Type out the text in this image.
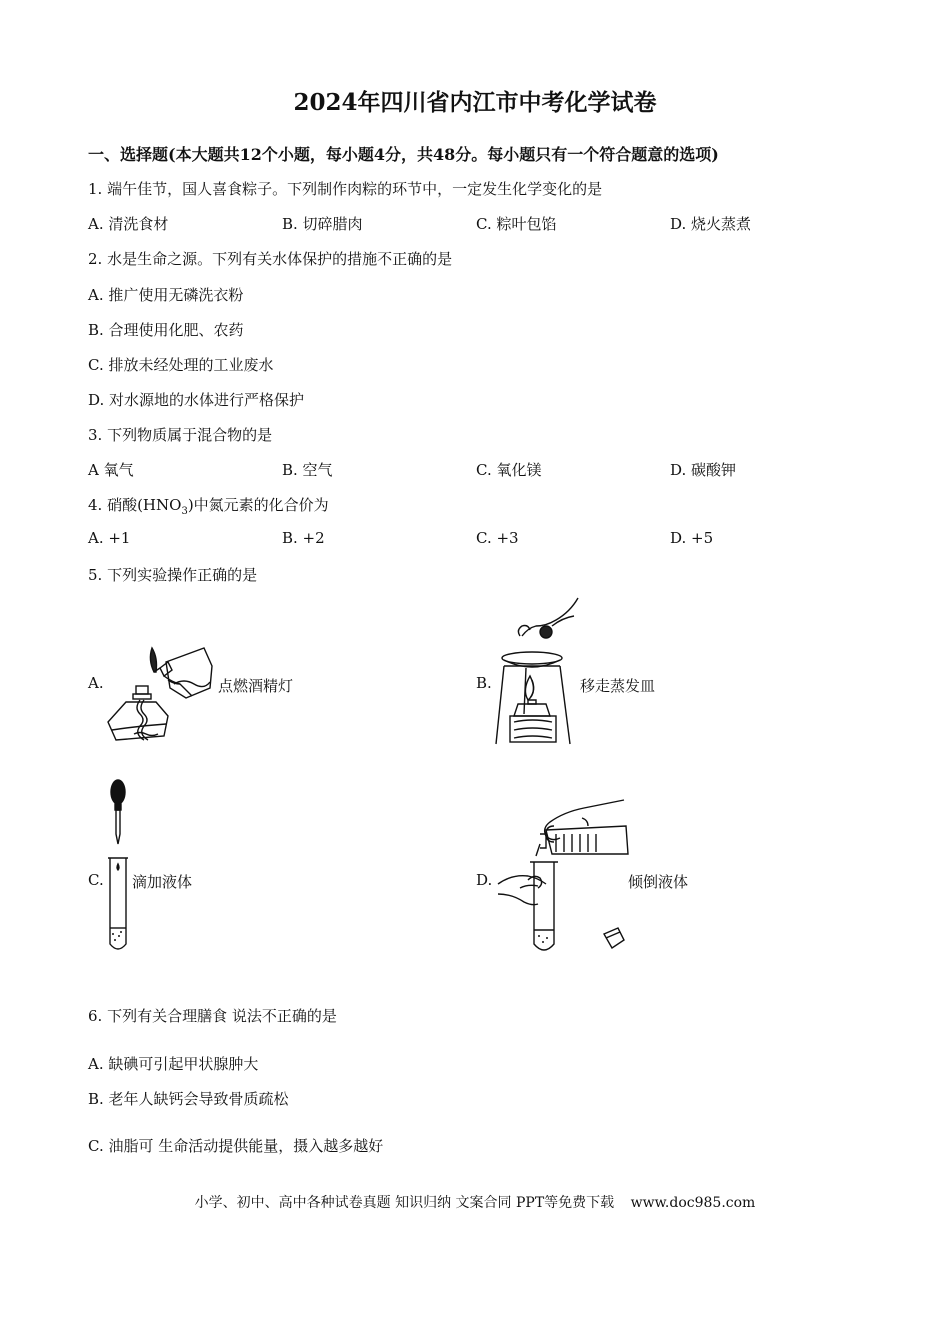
2024年四川省内江市中考化学试卷
一、选择题(本大题共12个小题，每小题4分，共48分。每小题只有一个符合题意的选项)
1. 端午佳节，国人喜食粽子。下列制作肉粽的环节中，一定发生化学变化的是
A. 清洗食材	B. 切碎腊肉	C. 粽叶包馅	D. 烧火蒸煮
2. 水是生命之源。下列有关水体保护的措施不正确的是
A. 推广使用无磷洗衣粉
B. 合理使用化肥、农药
C. 排放未经处理的工业废水
D. 对水源地的水体进行严格保护
3. 下列物质属于混合物的是
A 氧气	B. 空气	C. 氧化镁	D. 碳酸钾
4. 硝酸$(HNO_3)$中氮元素的化合价为
A. +1	B. +2	C. +3	D. +5
5. 下列实验操作正确的是
A.	点燃酒精灯	B.	移走蒸发皿
C. 滴加液体	D.	倾倒液体
6. 下列有关合理膳食 说法不正确的是
A. 缺碘可引起甲状腺肿大
B. 老年人缺钙会导致骨质疏松
C. 油脂可 生命活动提供能量，摄入越多越好
小学、初中、高中各种试卷真题 知识归纳 文案合同 PPT等免费下载 www.doc985.com
